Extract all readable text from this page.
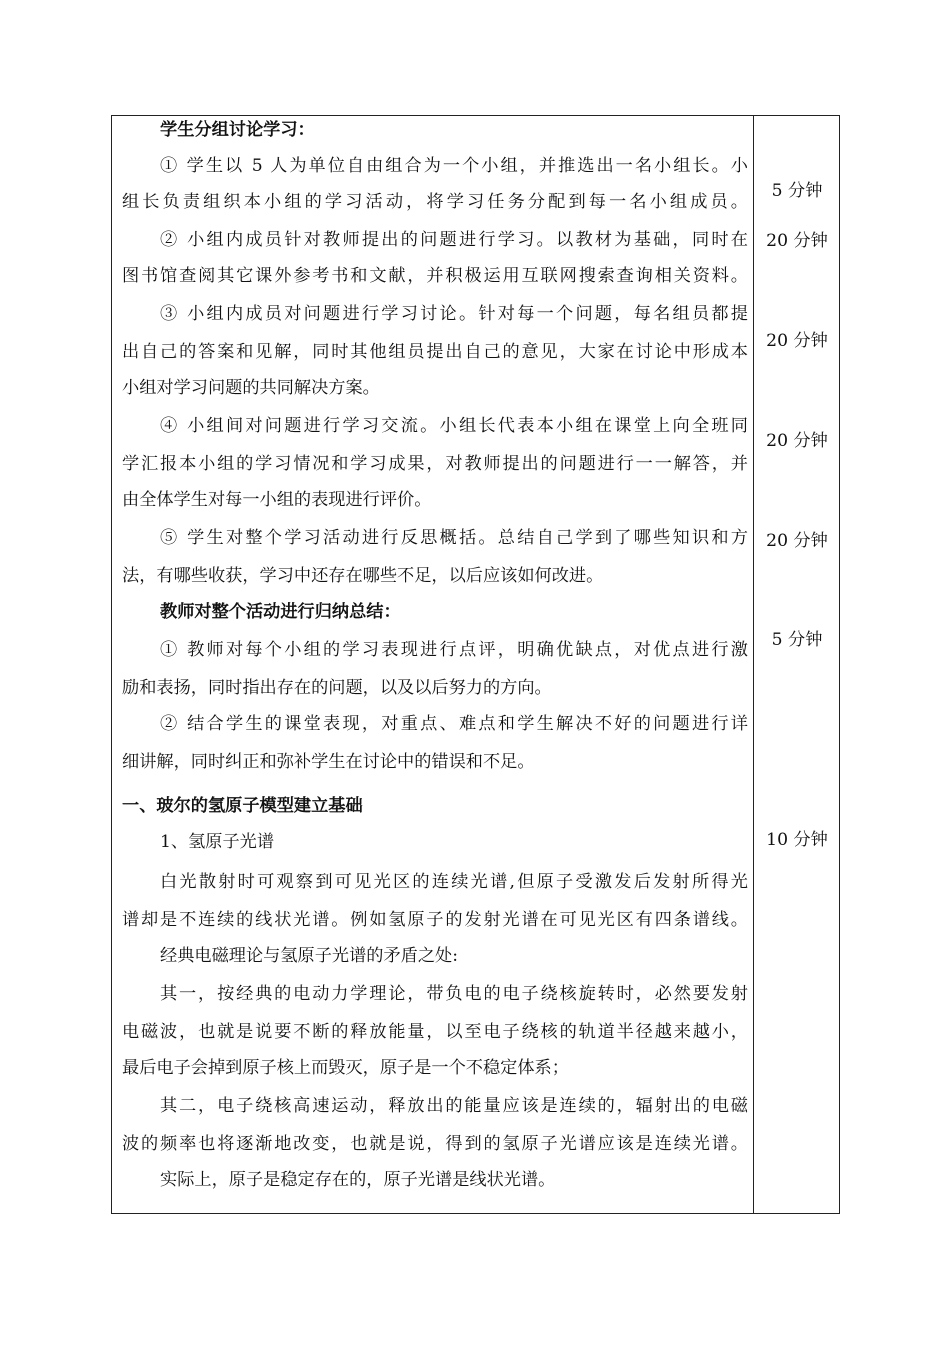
学生分组讨论学习：
① 学生以 5 人为单位自由组合为一个小组，并推选出一名小组长。小
组长负责组织本小组的学习活动，将学习任务分配到每一名小组成员。
② 小组内成员针对教师提出的问题进行学习。以教材为基础，同时在
图书馆查阅其它课外参考书和文献，并积极运用互联网搜索查询相关资料。
③ 小组内成员对问题进行学习讨论。针对每一个问题，每名组员都提
出自己的答案和见解，同时其他组员提出自己的意见，大家在讨论中形成本
小组对学习问题的共同解决方案。
④ 小组间对问题进行学习交流。小组长代表本小组在课堂上向全班同
学汇报本小组的学习情况和学习成果，对教师提出的问题进行一一解答，并
由全体学生对每一小组的表现进行评价。
⑤ 学生对整个学习活动进行反思概括。总结自己学到了哪些知识和方
法，有哪些收获，学习中还存在哪些不足，以后应该如何改进。
教师对整个活动进行归纳总结：
① 教师对每个小组的学习表现进行点评，明确优缺点，对优点进行激
励和表扬，同时指出存在的问题，以及以后努力的方向。
② 结合学生的课堂表现，对重点、难点和学生解决不好的问题进行详
细讲解，同时纠正和弥补学生在讨论中的错误和不足。
一、玻尔的氢原子模型建立基础
1、氢原子光谱
白光散射时可观察到可见光区的连续光谱,但原子受激发后发射所得光
谱却是不连续的线状光谱。例如氢原子的发射光谱在可见光区有四条谱线。
经典电磁理论与氢原子光谱的矛盾之处:
其一，按经典的电动力学理论，带负电的电子绕核旋转时，必然要发射
电磁波，也就是说要不断的释放能量，以至电子绕核的轨道半径越来越小，
最后电子会掉到原子核上而毁灭，原子是一个不稳定体系；
其二，电子绕核高速运动，释放出的能量应该是连续的，辐射出的电磁
波的频率也将逐渐地改变，也就是说，得到的氢原子光谱应该是连续光谱。
实际上，原子是稳定存在的，原子光谱是线状光谱。
5 分钟
20 分钟
20 分钟
20 分钟
20 分钟
5 分钟
10 分钟
